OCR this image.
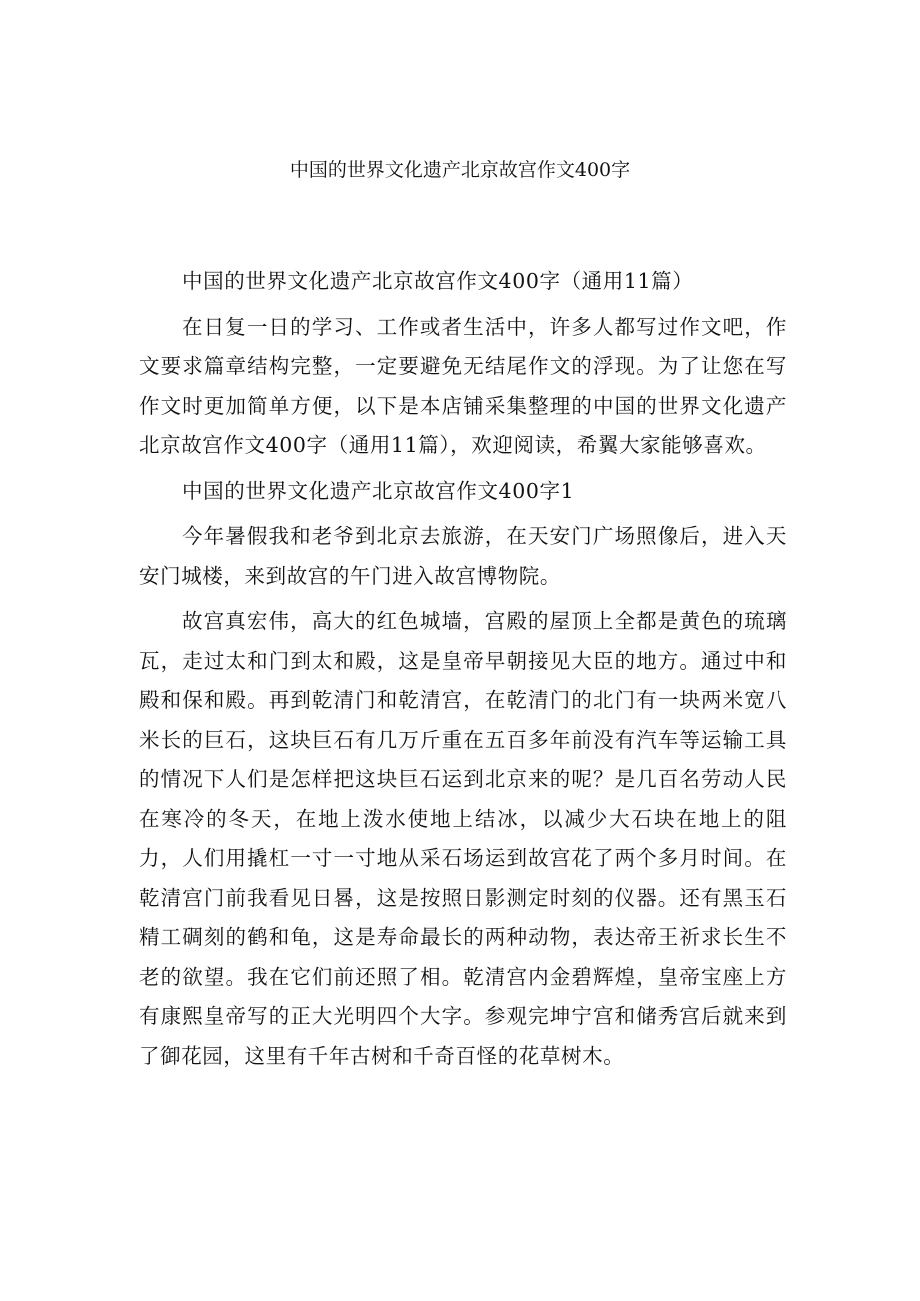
中国的世界文化遗产北京故宫作文400字

中国的世界文化遗产北京故宫作文400字（通用11篇）

在日复一日的学习、工作或者生活中，许多人都写过作文吧，作文要求篇章结构完整，一定要避免无结尾作文的浮现。为了让您在写作文时更加简单方便，以下是本店铺采集整理的中国的世界文化遗产北京故宫作文400字（通用11篇），欢迎阅读，希翼大家能够喜欢。

中国的世界文化遗产北京故宫作文400字1

今年暑假我和老爷到北京去旅游，在天安门广场照像后，进入天安门城楼，来到故宫的午门进入故宫博物院。

故宫真宏伟，高大的红色城墙，宫殿的屋顶上全都是黄色的琉璃瓦，走过太和门到太和殿，这是皇帝早朝接见大臣的地方。通过中和殿和保和殿。再到乾清门和乾清宫，在乾清门的北门有一块两米宽八米长的巨石，这块巨石有几万斤重在五百多年前没有汽车等运输工具的情况下人们是怎样把这块巨石运到北京来的呢？是几百名劳动人民在寒冷的冬天，在地上泼水使地上结冰，以减少大石块在地上的阻力，人们用撬杠一寸一寸地从采石场运到故宫花了两个多月时间。在乾清宫门前我看见日晷，这是按照日影测定时刻的仪器。还有黑玉石精工碉刻的鹤和龟，这是寿命最长的两种动物，表达帝王祈求长生不老的欲望。我在它们前还照了相。乾清宫内金碧辉煌，皇帝宝座上方有康熙皇帝写的正大光明四个大字。参观完坤宁宫和储秀宫后就来到了御花园，这里有千年古树和千奇百怪的花草树木。
